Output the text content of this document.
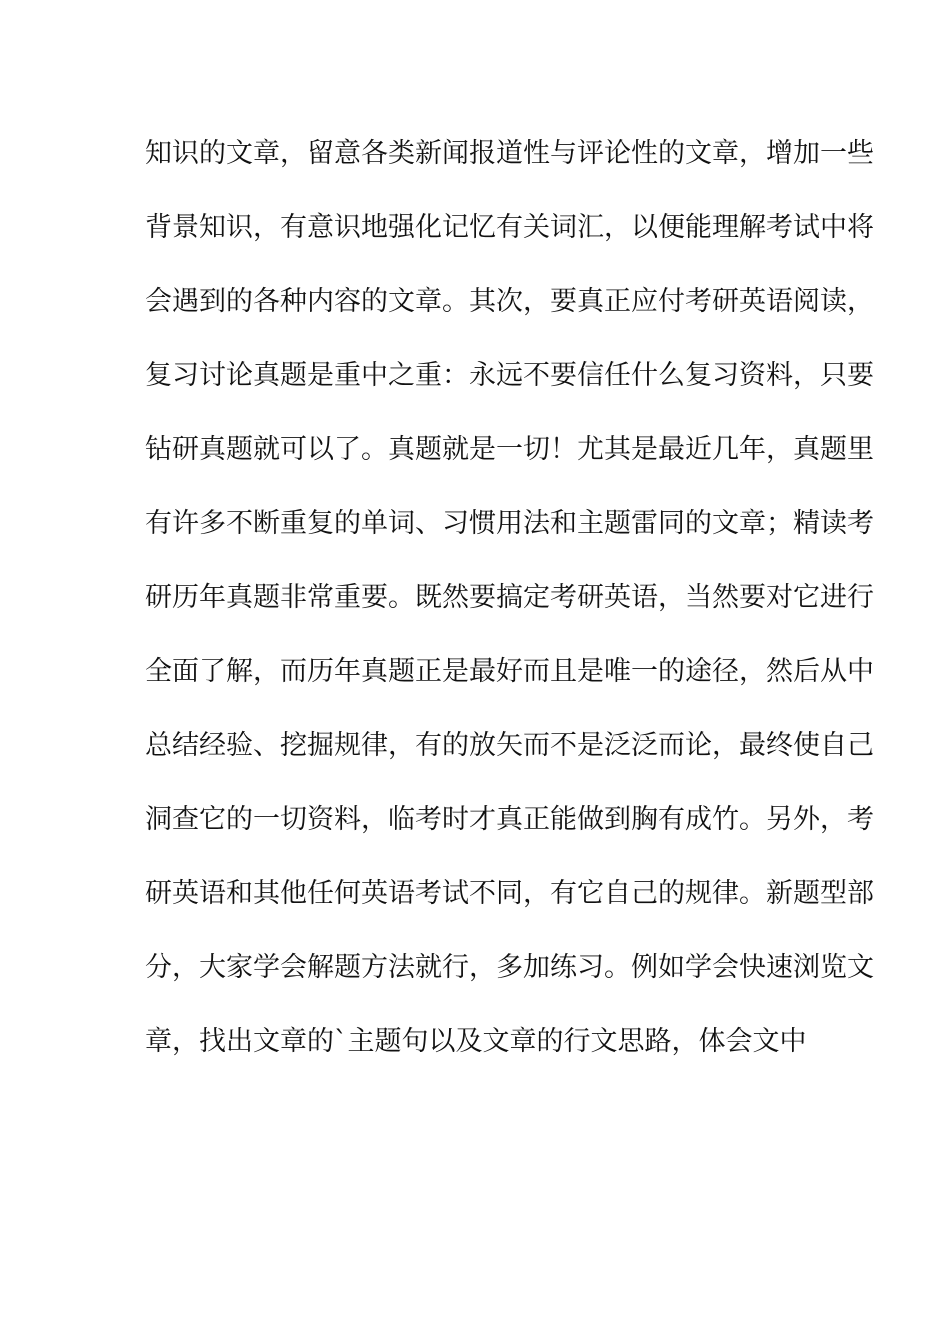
知识的文章，留意各类新闻报道性与评论性的文章，增加一些
背景知识，有意识地强化记忆有关词汇，以便能理解考试中将
会遇到的各种内容的文章。其次，要真正应付考研英语阅读，
复习讨论真题是重中之重：永远不要信任什么复习资料，只要
钻研真题就可以了。真题就是一切！尤其是最近几年，真题里
有许多不断重复的单词、习惯用法和主题雷同的文章；精读考
研历年真题非常重要。既然要搞定考研英语，当然要对它进行
全面了解，而历年真题正是最好而且是唯一的途径，然后从中
总结经验、挖掘规律，有的放矢而不是泛泛而论，最终使自己
洞查它的一切资料，临考时才真正能做到胸有成竹。另外，考
研英语和其他任何英语考试不同，有它自己的规律。新题型部
分，大家学会解题方法就行，多加练习。例如学会快速浏览文
章，找出文章的`主题句以及文章的行文思路，体会文中
